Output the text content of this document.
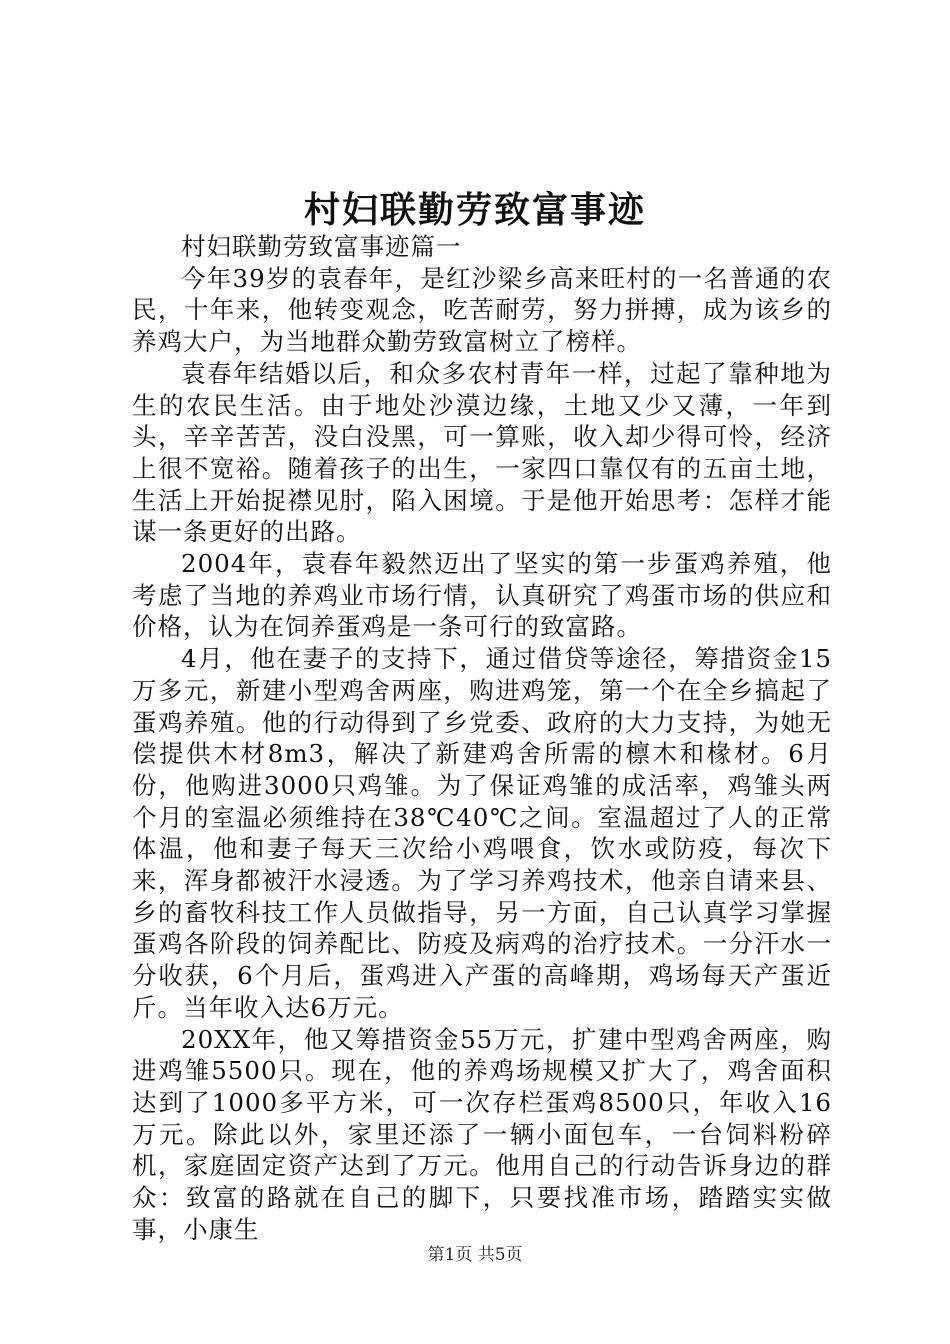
村妇联勤劳致富事迹

村妇联勤劳致富事迹篇一

今年39岁的袁春年，是红沙梁乡高来旺村的一名普通的农民，十年来，他转变观念，吃苦耐劳，努力拼搏，成为该乡的养鸡大户，为当地群众勤劳致富树立了榜样。

袁春年结婚以后，和众多农村青年一样，过起了靠种地为生的农民生活。由于地处沙漠边缘，土地又少又薄，一年到头，辛辛苦苦，没白没黑，可一算账，收入却少得可怜，经济上很不宽裕。随着孩子的出生，一家四口靠仅有的五亩土地，生活上开始捉襟见肘，陷入困境。于是他开始思考：怎样才能谋一条更好的出路。

2004年，袁春年毅然迈出了坚实的第一步蛋鸡养殖，他考虑了当地的养鸡业市场行情，认真研究了鸡蛋市场的供应和价格，认为在饲养蛋鸡是一条可行的致富路。

4月，他在妻子的支持下，通过借贷等途径，筹措资金15万多元，新建小型鸡舍两座，购进鸡笼，第一个在全乡搞起了蛋鸡养殖。他的行动得到了乡党委、政府的大力支持，为她无偿提供木材8m3，解决了新建鸡舍所需的檩木和椽材。6月份，他购进3000只鸡雏。为了保证鸡雏的成活率，鸡雏头两个月的室温必须维持在38℃40℃之间。室温超过了人的正常体温，他和妻子每天三次给小鸡喂食，饮水或防疫，每次下来，浑身都被汗水浸透。为了学习养鸡技术，他亲自请来县、乡的畜牧科技工作人员做指导，另一方面，自己认真学习掌握蛋鸡各阶段的饲养配比、防疫及病鸡的治疗技术。一分汗水一分收获，6个月后，蛋鸡进入产蛋的高峰期，鸡场每天产蛋近斤。当年收入达6万元。

20XX年，他又筹措资金55万元，扩建中型鸡舍两座，购进鸡雏5500只。现在，他的养鸡场规模又扩大了，鸡舍面积达到了1000多平方米，可一次存栏蛋鸡8500只，年收入16万元。除此以外，家里还添了一辆小面包车，一台饲料粉碎机，家庭固定资产达到了万元。他用自己的行动告诉身边的群众：致富的路就在自己的脚下，只要找准市场，踏踏实实做事，小康生

第1页 共5页
